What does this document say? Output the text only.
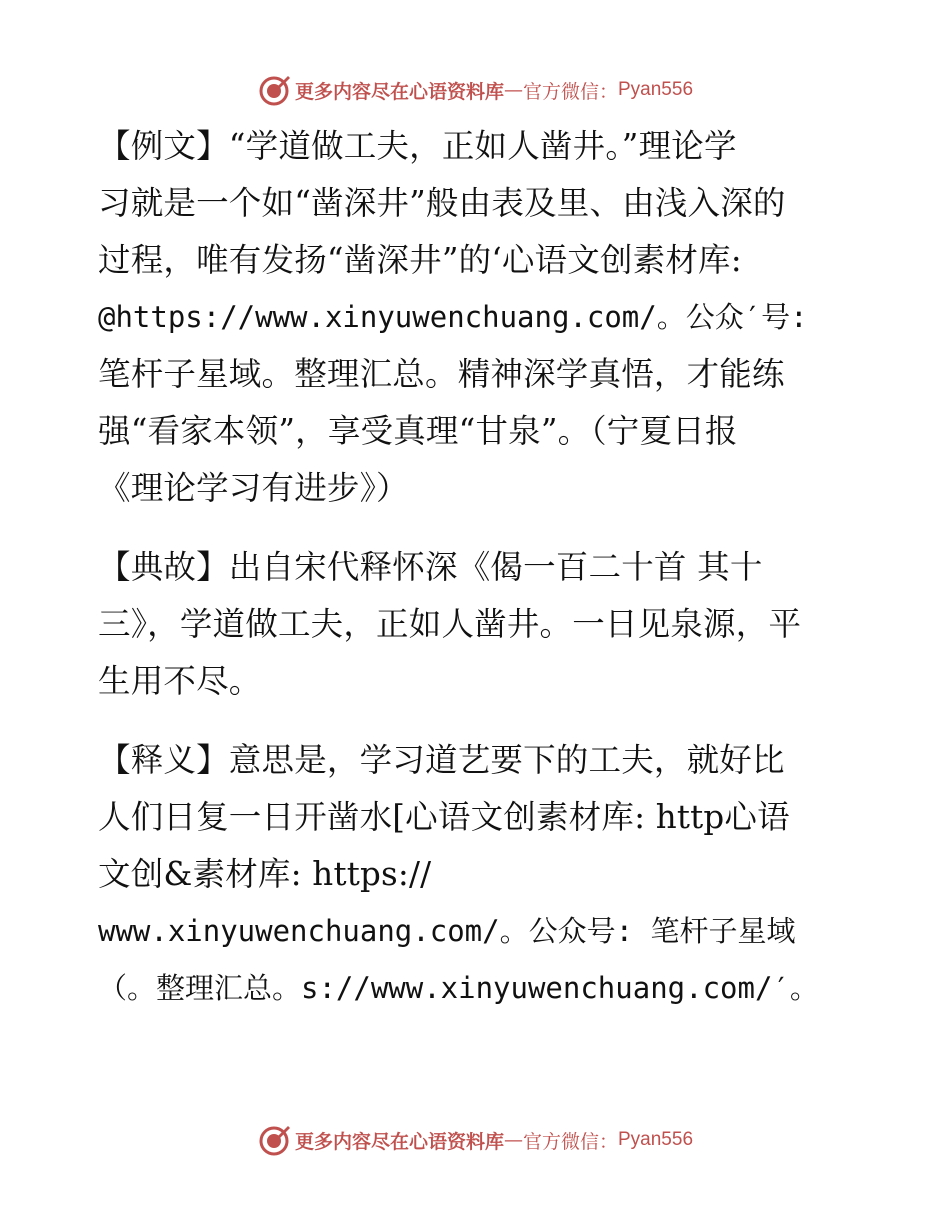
更多内容尽在心语资料库 — 官方微信： Pyan556
【例文】“学道做工夫，正如人凿井。”理论学
习就是一个如“凿深井”般由表及里、由浅入深的
过程，唯有发扬“凿深井”的‘心语文创素材库:
@https://www.xinyuwenchuang.com/。公众′号:
笔杆子星域。整理汇总。精神深学真悟，才能练
强“看家本领”，享受真理“甘泉”。（宁夏日报
《理论学习有进步》）
【典故】出自宋代释怀深《偈一百二十首 其十
三》，学道做工夫，正如人凿井。一日见泉源，平
生用不尽。
【释义】意思是，学习道艺要下的工夫，就好比
人们日复一日开凿水[心语文创素材库: http心语
文创&素材库: https://
www.xinyuwenchuang.com/。公众号: 笔杆子星域
（。整理汇总。s://www.xinyuwenchuang.com/′。
更多内容尽在心语资料库 — 官方微信： Pyan556
